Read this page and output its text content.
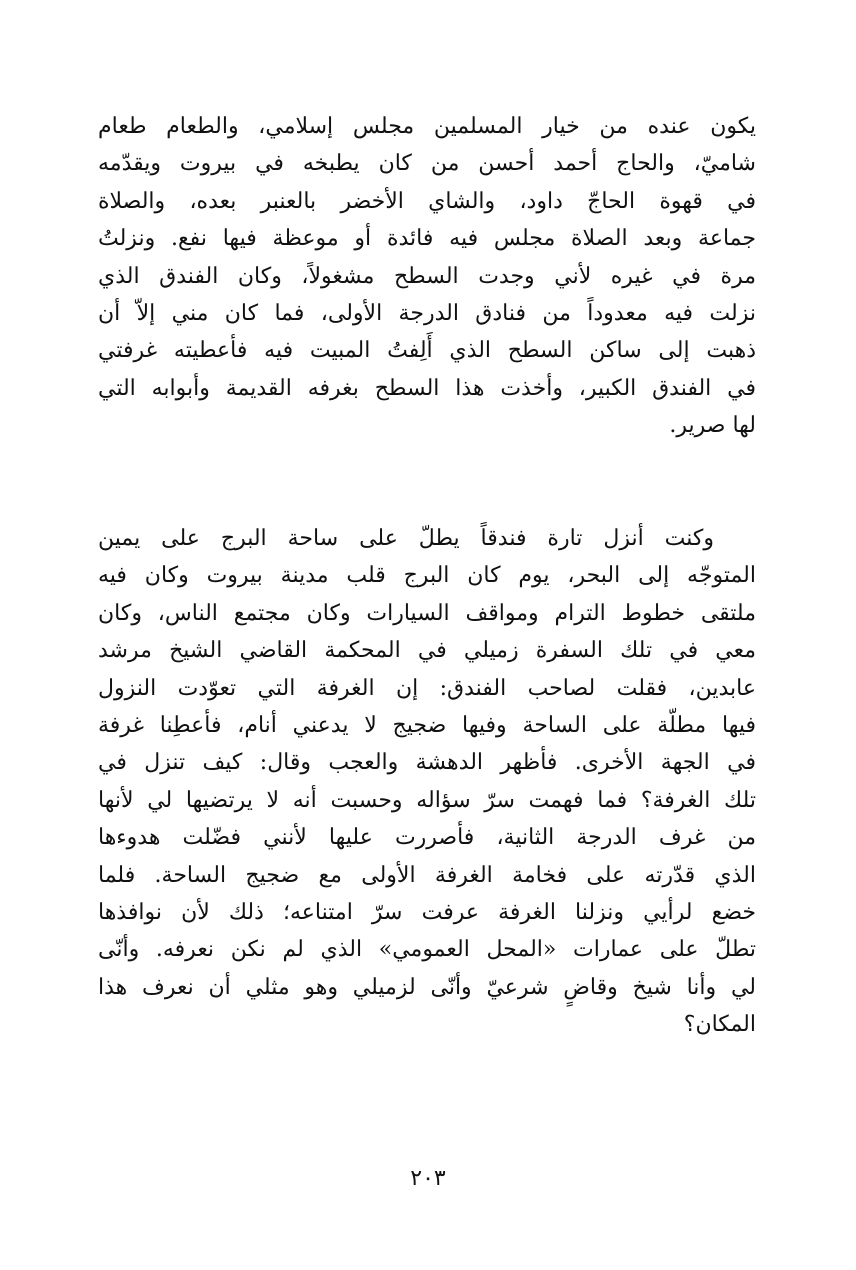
يكون عنده من خيار المسلمين مجلس إسلامي، والطعام طعام
شاميّ، والحاج أحمد أحسن من كان يطبخه في بيروت ويقدّمه
في قهوة الحاجّ داود، والشاي الأخضر بالعنبر بعده، والصلاة
جماعة وبعد الصلاة مجلس فيه فائدة أو موعظة فيها نفع. ونزلتُ
مرة في غيره لأني وجدت السطح مشغولاً، وكان الفندق الذي
نزلت فيه معدوداً من فنادق الدرجة الأولى، فما كان مني إلاّ أن
ذهبت إلى ساكن السطح الذي أَلِفتُ المبيت فيه فأعطيته غرفتي
في الفندق الكبير، وأخذت هذا السطح بغرفه القديمة وأبوابه التي
لها صرير.
وكنت أنزل تارة فندقاً يطلّ على ساحة البرج على يمين
المتوجّه إلى البحر، يوم كان البرج قلب مدينة بيروت وكان فيه
ملتقى خطوط الترام ومواقف السيارات وكان مجتمع الناس، وكان
معي في تلك السفرة زميلي في المحكمة القاضي الشيخ مرشد
عابدين، فقلت لصاحب الفندق: إن الغرفة التي تعوّدت النزول
فيها مطلّة على الساحة وفيها ضجيج لا يدعني أنام، فأعطِنا غرفة
في الجهة الأخرى. فأظهر الدهشة والعجب وقال: كيف تنزل في
تلك الغرفة؟ فما فهمت سرّ سؤاله وحسبت أنه لا يرتضيها لي لأنها
من غرف الدرجة الثانية، فأصررت عليها لأنني فضّلت هدوءها
الذي قدّرته على فخامة الغرفة الأولى مع ضجيج الساحة. فلما
خضع لرأيي ونزلنا الغرفة عرفت سرّ امتناعه؛ ذلك لأن نوافذها
تطلّ على عمارات «المحل العمومي» الذي لم نكن نعرفه. وأنّى
لي وأنا شيخ وقاضٍ شرعيّ وأنّى لزميلي وهو مثلي أن نعرف هذا
المكان؟
٢٠٣
